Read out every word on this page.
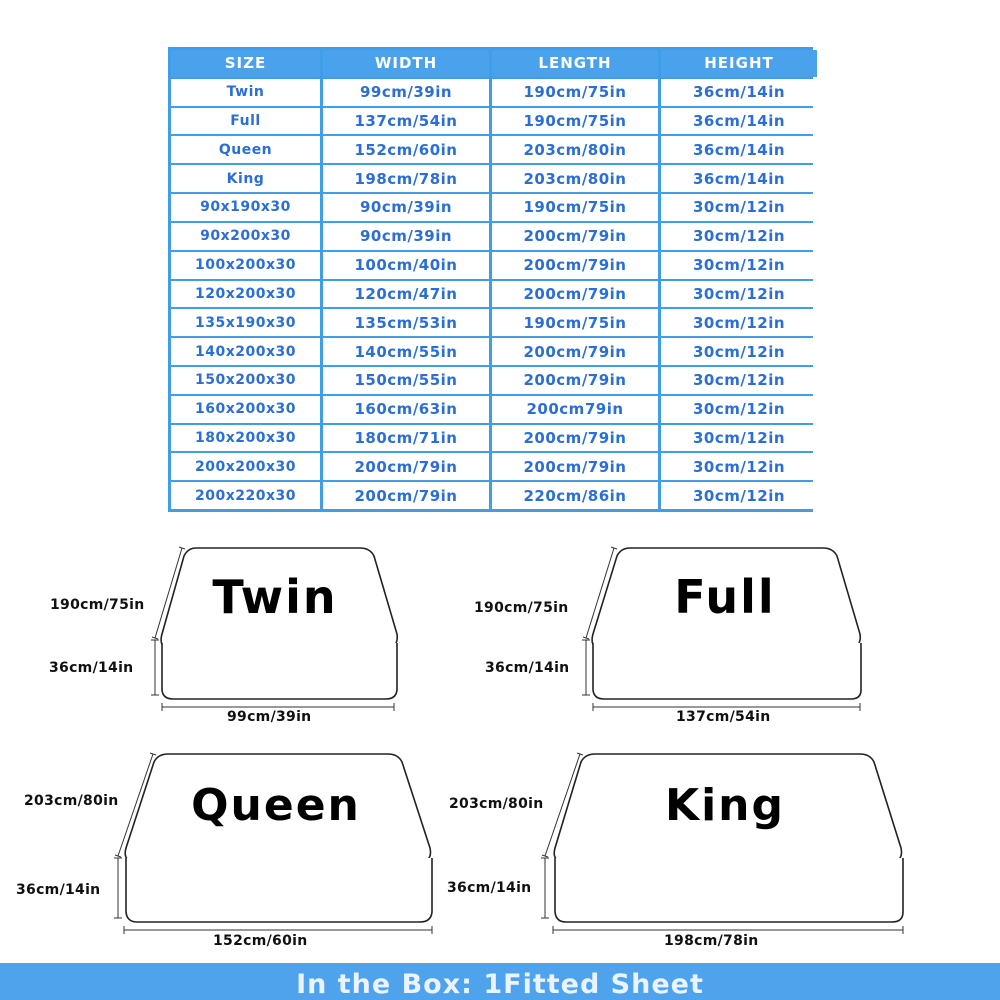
SIZE	WIDTH	LENGTH	HEIGHT
Twin	99cm/39in	190cm/75in	36cm/14in
Full	137cm/54in	190cm/75in	36cm/14in
Queen	152cm/60in	203cm/80in	36cm/14in
King	198cm/78in	203cm/80in	36cm/14in
90x190x30	90cm/39in	190cm/75in	30cm/12in
90x200x30	90cm/39in	200cm/79in	30cm/12in
100x200x30	100cm/40in	200cm/79in	30cm/12in
120x200x30	120cm/47in	200cm/79in	30cm/12in
135x190x30	135cm/53in	190cm/75in	30cm/12in
140x200x30	140cm/55in	200cm/79in	30cm/12in
150x200x30	150cm/55in	200cm/79in	30cm/12in
160x200x30	160cm/63in	200cm79in	30cm/12in
180x200x30	180cm/71in	200cm/79in	30cm/12in
200x200x30	200cm/79in	200cm/79in	30cm/12in
200x220x30	200cm/79in	220cm/86in	30cm/12in
Twin
190cm/75in
36cm/14in
99cm/39in
Full
190cm/75in
36cm/14in
137cm/54in
Queen
203cm/80in
36cm/14in
152cm/60in
King
203cm/80in
36cm/14in
198cm/78in
In the Box: 1Fitted Sheet
